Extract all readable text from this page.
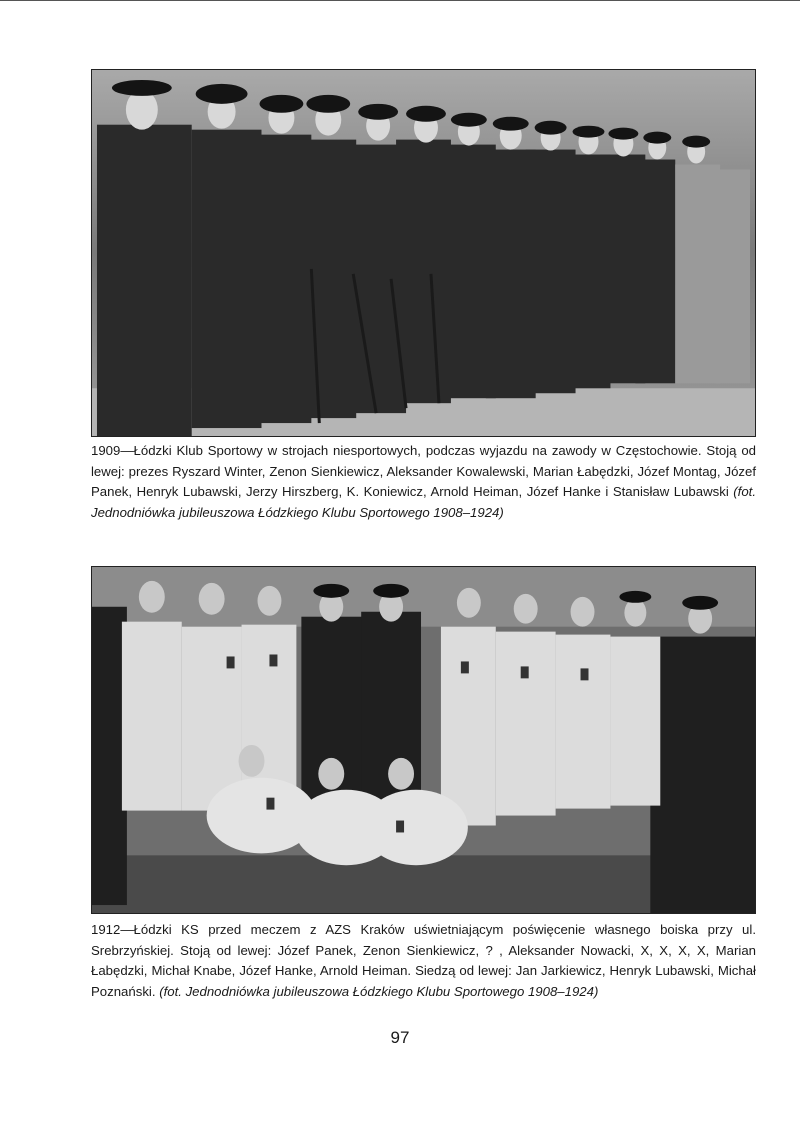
1909—Łódzki Klub Sportowy w strojach niesportowych, podczas wyjazdu na zawody w Częstochowie. Stoją od lewej: prezes Ryszard Winter, Zenon Sienkiewicz, Aleksander Kowalewski, Marian Łabędzki, Józef Montag, Józef Panek, Henryk Lubawski, Jerzy Hirszberg, K. Koniewicz, Arnold Heiman, Józef Hanke i Stanisław Lubawski (fot. Jednodniówka jubileuszowa Łódzkiego Klubu Sportowego 1908–1924)

1912—Łódzki KS przed meczem z AZS Kraków uświetniającym poświęcenie własnego boiska przy ul. Srebrzyńskiej. Stoją od lewej: Józef Panek, Zenon Sienkiewicz, ? , Aleksander Nowacki, X, X, X, X, Marian Łabędzki, Michał Knabe, Józef Hanke, Arnold Heiman. Siedzą od lewej: Jan Jarkiewicz, Henryk Lubawski, Michał Poznański. (fot. Jednodniówka jubileuszowa Łódzkiego Klubu Sportowego 1908–1924)

97
